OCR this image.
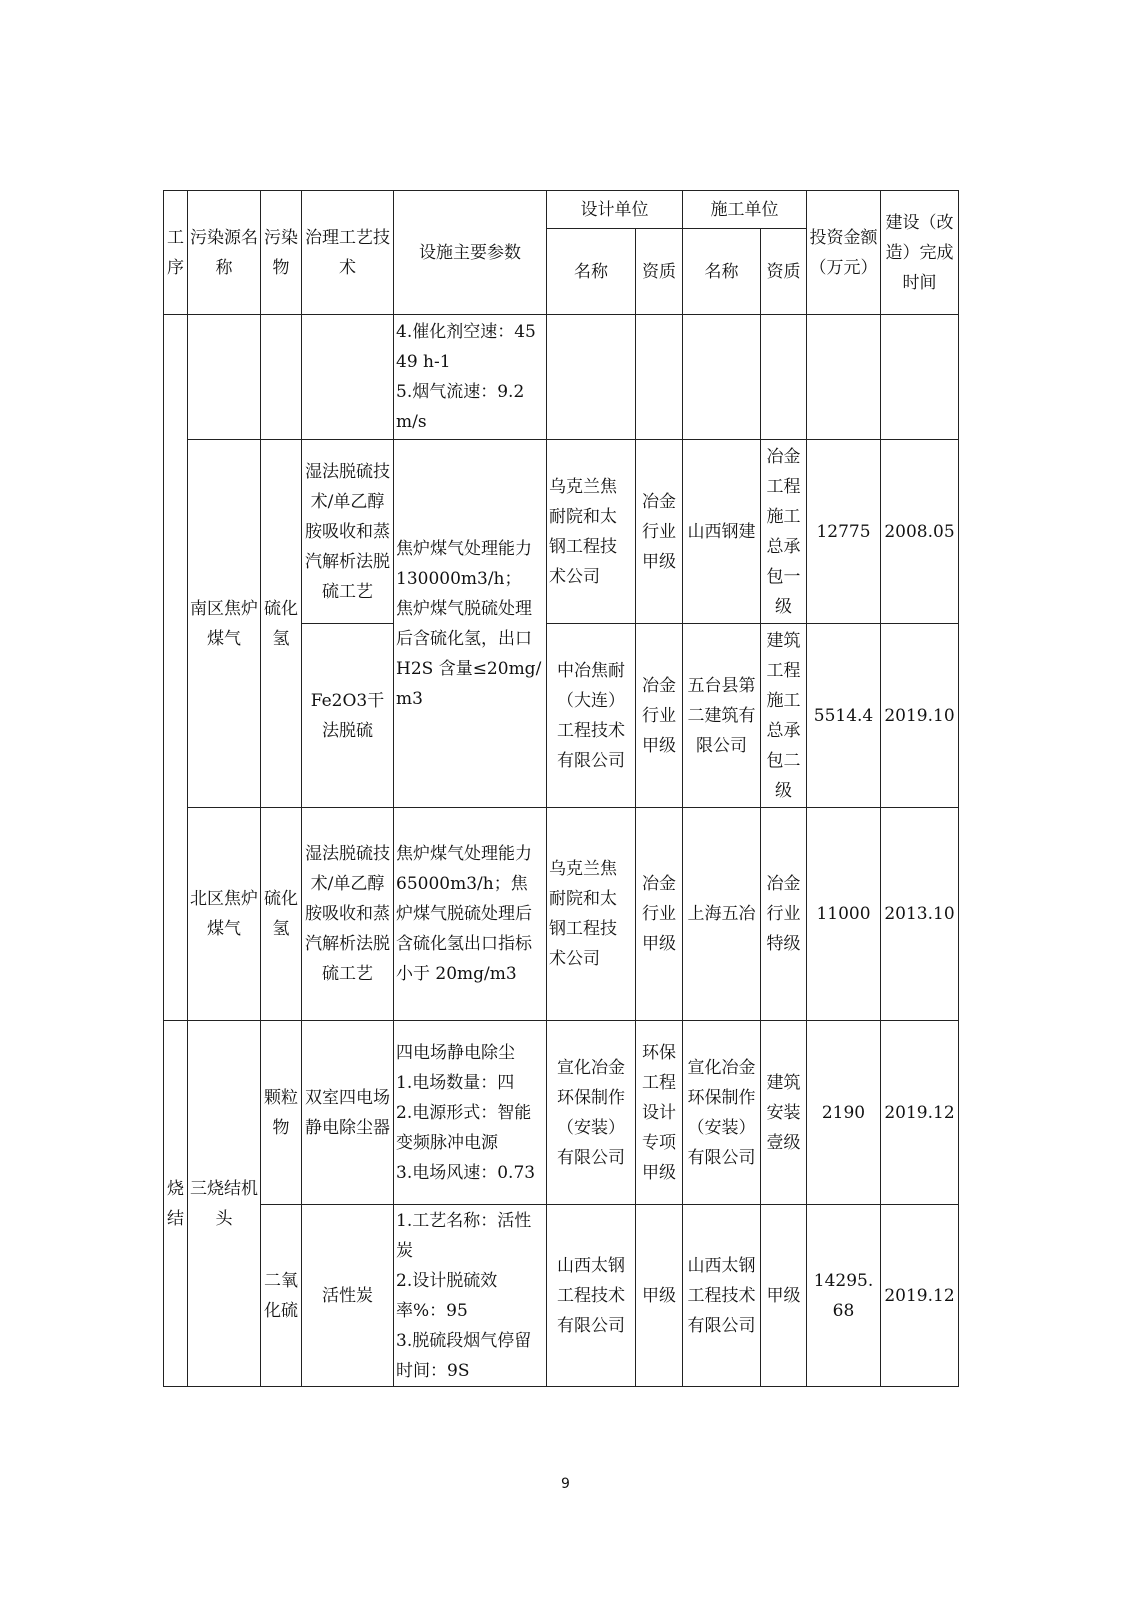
工序	污染源名称	污染物	治理工艺技术	设施主要参数	设计单位		施工单位		投资金额（万元）	建设（改造）完成时间
					名称	资质	名称	资质		
				4.催化剂空速：4549 h-1
5.烟气流速：9.2m/s						
	南区焦炉煤气	硫化氢	湿法脱硫技术/单乙醇胺吸收和蒸汽解析法脱硫工艺	焦炉煤气处理能力 130000m3/h；
焦炉煤气脱硫处理后含硫化氢，出口 H2S 含量≤20mg/m3	乌克兰焦耐院和太钢工程技术公司	冶金行业甲级	山西钢建	冶金工程施工总承包一级	12775	2008.05
			Fe2O3干法脱硫		中冶焦耐（大连）工程技术有限公司	冶金行业甲级	五台县第二建筑有限公司	建筑工程施工总承包二级	5514.4	2019.10
	北区焦炉煤气	硫化氢	湿法脱硫技术/单乙醇胺吸收和蒸汽解析法脱硫工艺	焦炉煤气处理能力 65000m3/h；焦炉煤气脱硫处理后含硫化氢出口指标小于 20mg/m3	乌克兰焦耐院和太钢工程技术公司	冶金行业甲级	上海五冶	冶金行业特级	11000	2013.10
烧结	三烧结机头	颗粒物	双室四电场静电除尘器	四电场静电除尘
1.电场数量：四
2.电源形式：智能变频脉冲电源
3.电场风速：0.73	宣化冶金环保制作（安装）有限公司	环保工程设计专项甲级	宣化冶金环保制作（安装）有限公司	建筑安装壹级	2190	2019.12
		二氧化硫	活性炭	1.工艺名称：活性炭
2.设计脱硫效率%：95
3.脱硫段烟气停留时间：9S	山西太钢工程技术有限公司	甲级	山西太钢工程技术有限公司	甲级	14295.68	2019.12
9
